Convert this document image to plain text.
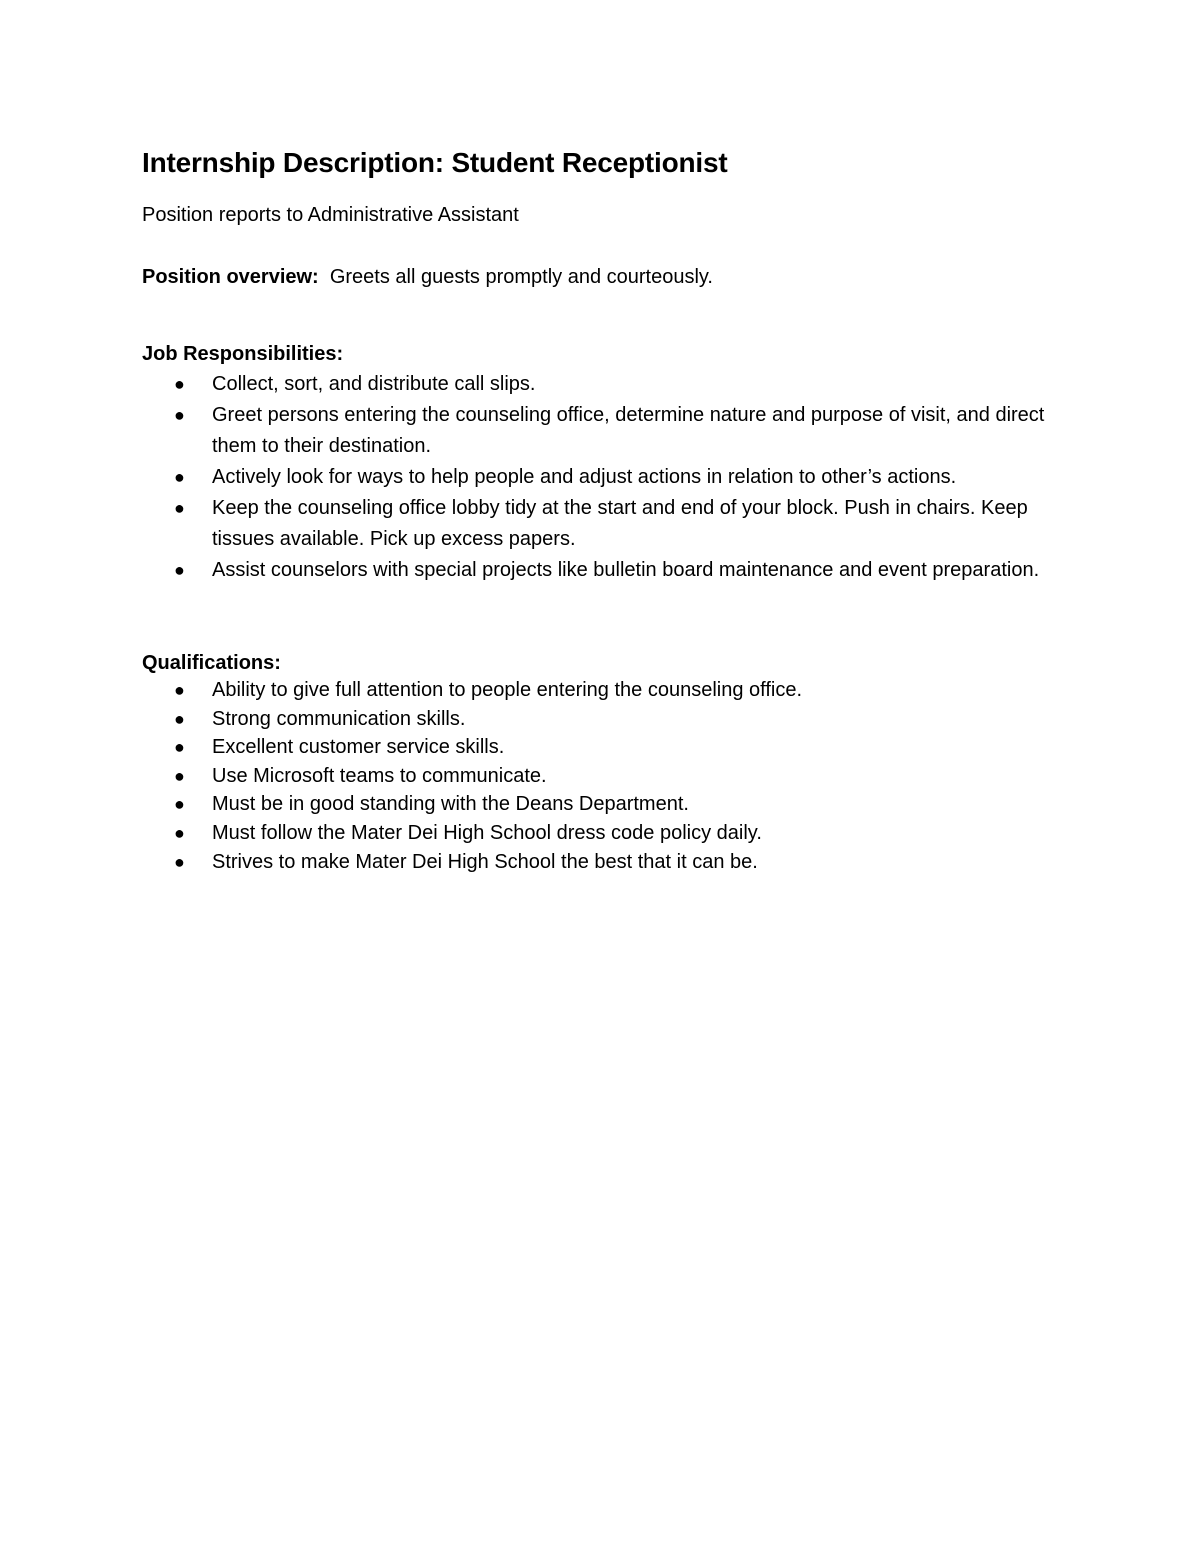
Internship Description: Student Receptionist

Position reports to Administrative Assistant

Position overview: Greets all guests promptly and courteously.

Job Responsibilities:
● Collect, sort, and distribute call slips.
● Greet persons entering the counseling office, determine nature and purpose of visit, and direct them to their destination.
● Actively look for ways to help people and adjust actions in relation to other’s actions.
● Keep the counseling office lobby tidy at the start and end of your block. Push in chairs. Keep tissues available. Pick up excess papers.
● Assist counselors with special projects like bulletin board maintenance and event preparation.
Qualifications:
● Ability to give full attention to people entering the counseling office.
● Strong communication skills.
● Excellent customer service skills.
● Use Microsoft teams to communicate.
● Must be in good standing with the Deans Department.
● Must follow the Mater Dei High School dress code policy daily.
● Strives to make Mater Dei High School the best that it can be.
